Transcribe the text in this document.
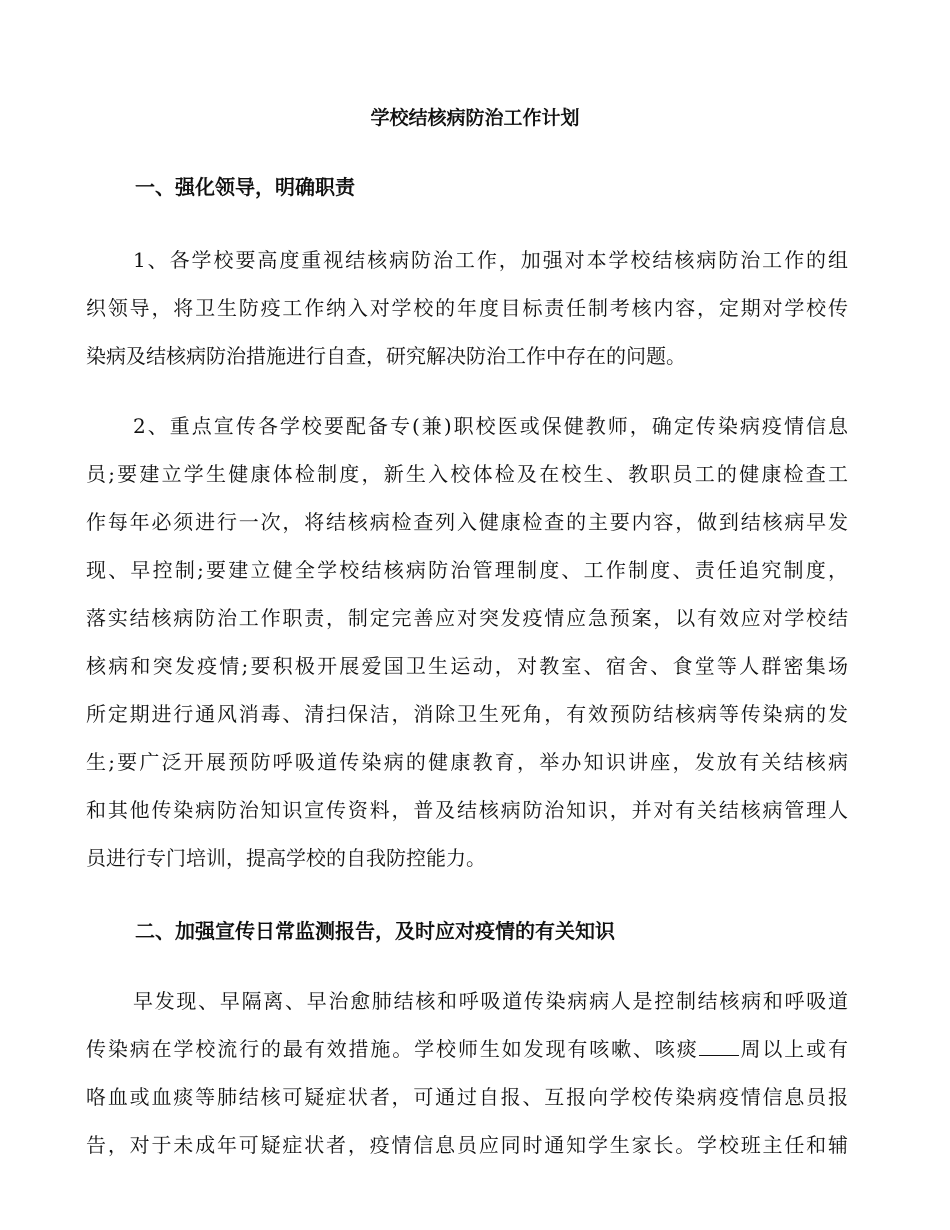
学校结核病防治工作计划
一、强化领导，明确职责
1、各学校要高度重视结核病防治工作，加强对本学校结核病防治工作的组
织领导，将卫生防疫工作纳入对学校的年度目标责任制考核内容，定期对学校传
染病及结核病防治措施进行自查，研究解决防治工作中存在的问题。
2、重点宣传各学校要配备专(兼)职校医或保健教师，确定传染病疫情信息
员;要建立学生健康体检制度，新生入校体检及在校生、教职员工的健康检查工
作每年必须进行一次，将结核病检查列入健康检查的主要内容，做到结核病早发
现、早控制;要建立健全学校结核病防治管理制度、工作制度、责任追究制度，
落实结核病防治工作职责，制定完善应对突发疫情应急预案，以有效应对学校结
核病和突发疫情;要积极开展爱国卫生运动，对教室、宿舍、食堂等人群密集场
所定期进行通风消毒、清扫保洁，消除卫生死角，有效预防结核病等传染病的发
生;要广泛开展预防呼吸道传染病的健康教育，举办知识讲座，发放有关结核病
和其他传染病防治知识宣传资料，普及结核病防治知识，并对有关结核病管理人
员进行专门培训，提高学校的自我防控能力。
二、加强宣传日常监测报告，及时应对疫情的有关知识
早发现、早隔离、早治愈肺结核和呼吸道传染病病人是控制结核病和呼吸道
传染病在学校流行的最有效措施。学校师生如发现有咳嗽、咳痰 周以上或有
咯血或血痰等肺结核可疑症状者，可通过自报、互报向学校传染病疫情信息员报
告，对于未成年可疑症状者，疫情信息员应同时通知学生家长。学校班主任和辅
